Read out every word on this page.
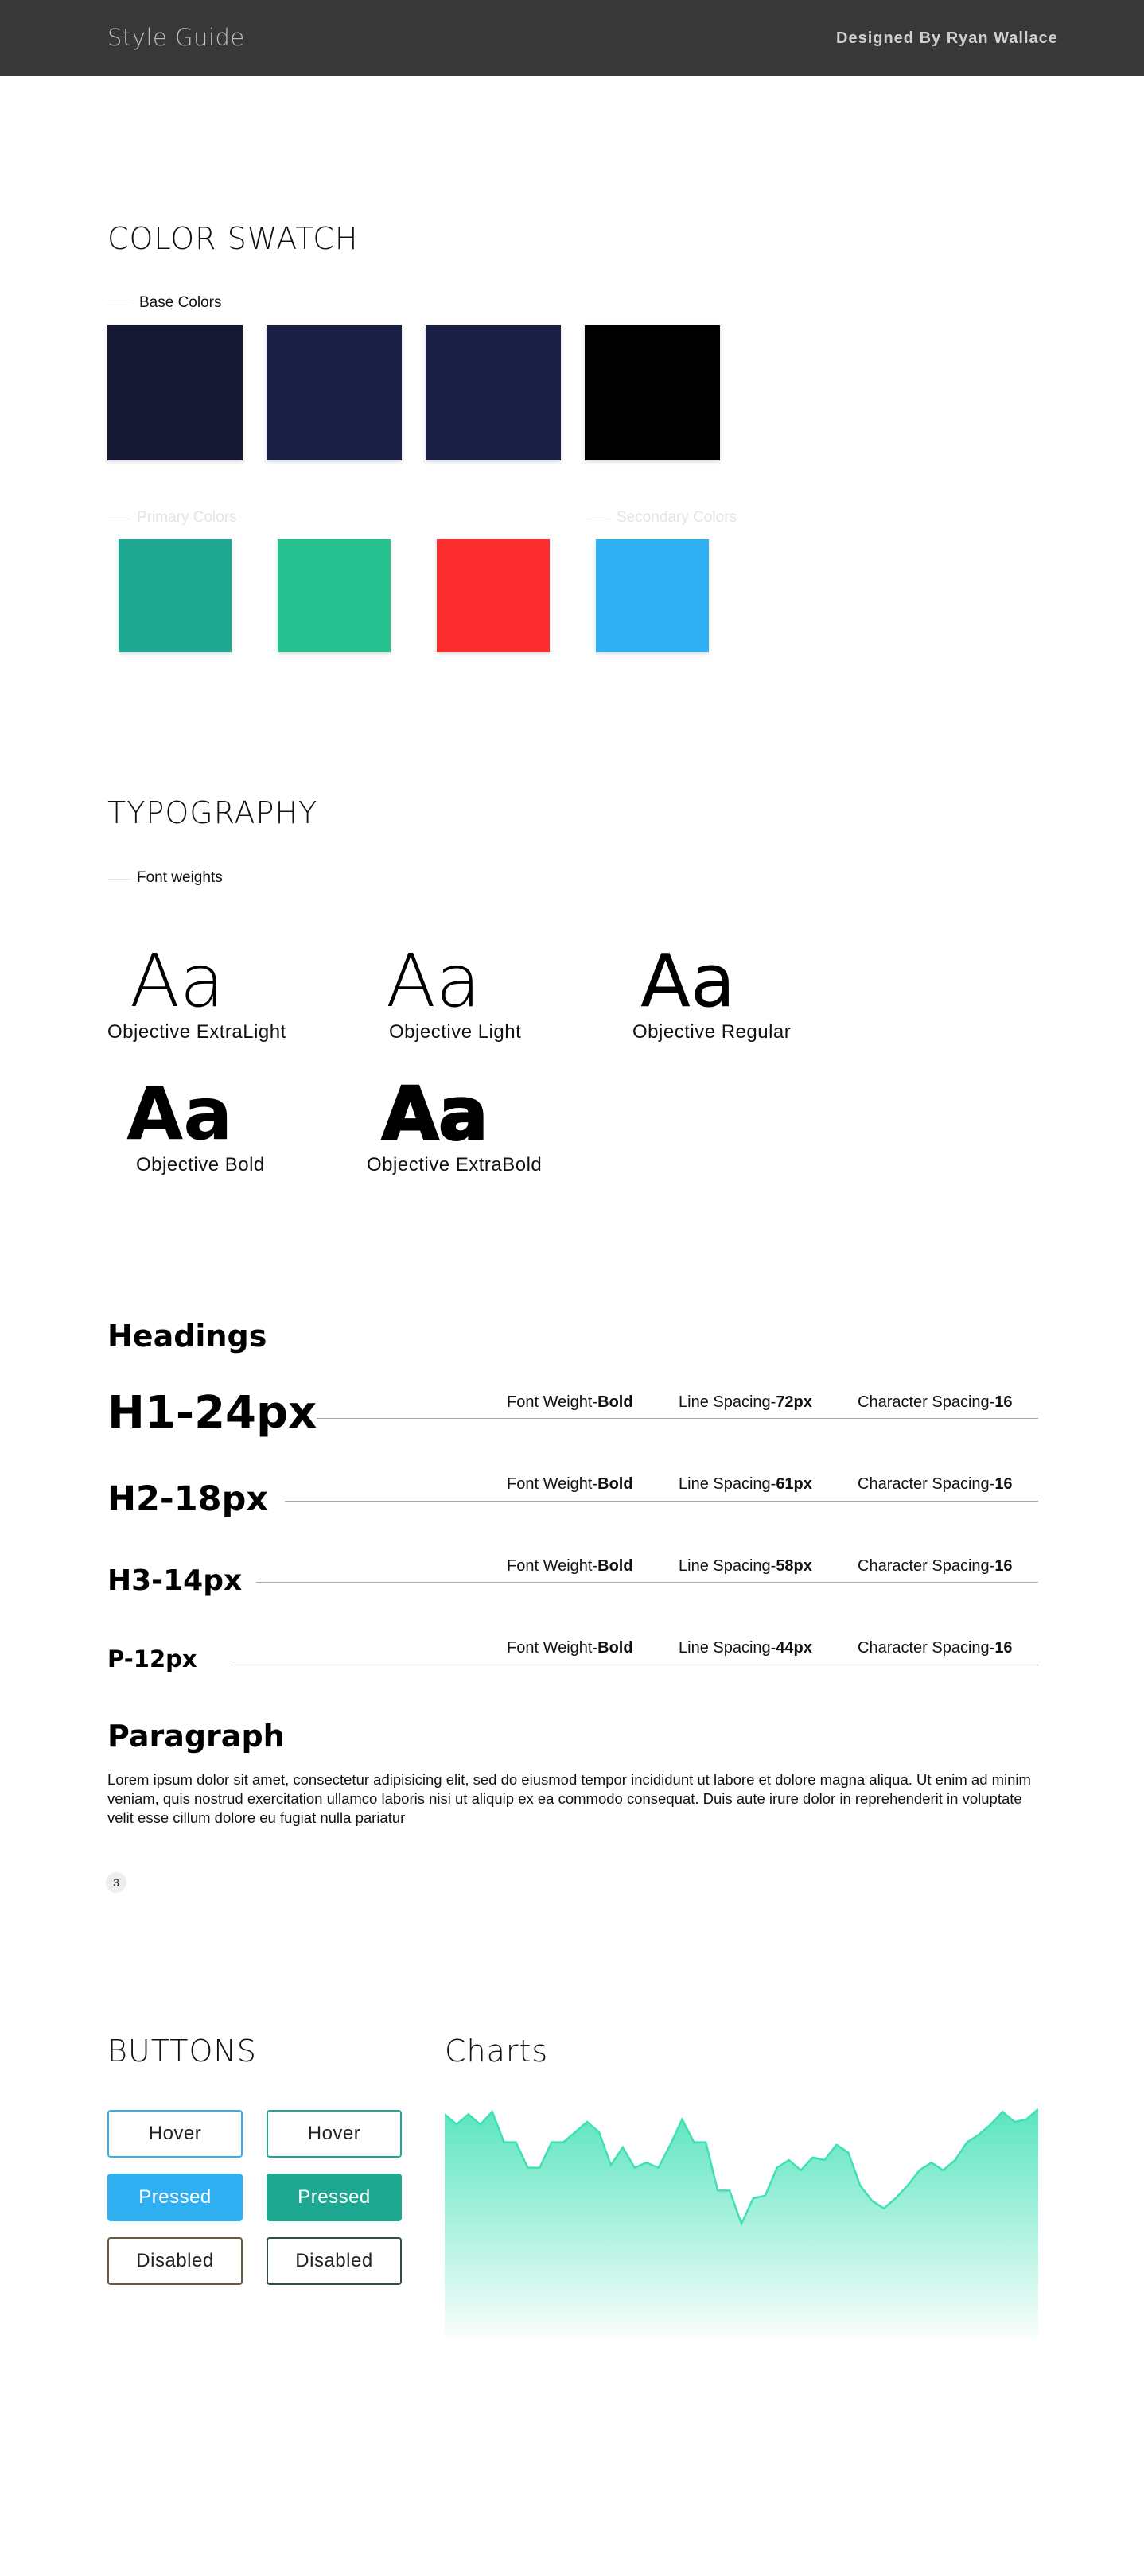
Style Guide	Designed By Ryan Wallace
COLOR SWATCH
Base Colors
Primary Colors	Secondary Colors
TYPOGRAPHY
Font weights
Aa
Objective ExtraLight
Aa
Objective Light
Aa
Objective Regular
Aa
Objective Bold
Aa
Objective ExtraBold
Headings
H1-24px	Font Weight-Bold	Line Spacing-72px	Character Spacing-16
H2-18px	Font Weight-Bold	Line Spacing-61px	Character Spacing-16
H3-14px	Font Weight-Bold	Line Spacing-58px	Character Spacing-16
P-12px	Font Weight-Bold	Line Spacing-44px	Character Spacing-16
Paragraph
Lorem ipsum dolor sit amet, consectetur adipisicing elit, sed do eiusmod tempor incididunt ut labore et dolore magna aliqua. Ut enim ad minim veniam, quis nostrud exercitation ullamco laboris nisi ut aliquip ex ea commodo consequat. Duis aute irure dolor in reprehenderit in voluptate velit esse cillum dolore eu fugiat nulla pariatur
3
BUTTONS
Hover	Hover
Pressed	Pressed
Disabled	Disabled
Charts
